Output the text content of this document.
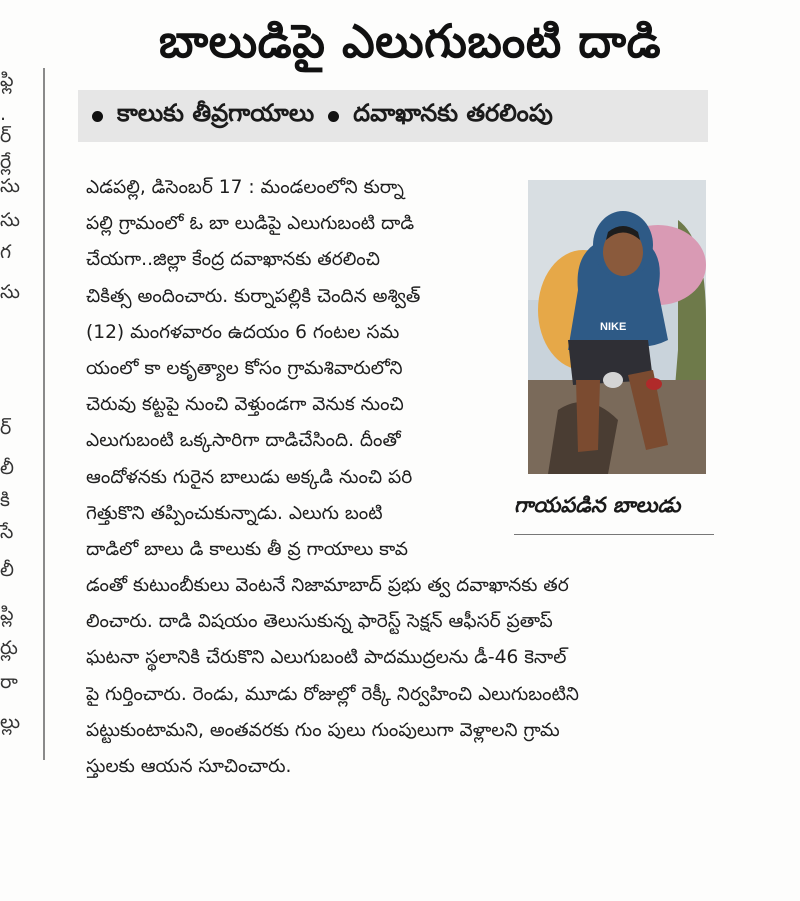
ఫ్లి
.
ర్
ర్లే
సు
సు
గ
సు
ర్
లీ
కి
సే
లీ
ప్లి
ర్లు
రా
ల్లు
బాలుడిపై ఎలుగుబంటి దాడి
కాలుకు తీవ్రగాయాలు దవాఖానకు తరలింపు
ఎడపల్లి, డిసెంబర్ 17 : మండలంలోని కుర్నా
పల్లి గ్రామంలో ఓ బా లుడిపై ఎలుగుబంటి దాడి
చేయగా..జిల్లా కేంద్ర దవాఖానకు తరలించి
చికిత్స అందించారు. కుర్నాపల్లికి చెందిన అశ్విత్
(12) మంగళవారం ఉదయం 6 గంటల సమ
యంలో కా లకృత్యాల కోసం గ్రామశివారులోని
చెరువు కట్టపై నుంచి వెళ్తుండగా వెనుక నుంచి
ఎలుగుబంటి ఒక్కసారిగా దాడిచేసింది. దీంతో
ఆందోళనకు గురైన బాలుడు అక్కడి నుంచి పరి
గెత్తుకొని తప్పించుకున్నాడు. ఎలుగు బంటి
దాడిలో బాలు డి కాలుకు తీ వ్ర గాయాలు కావ
డంతో కుటుంబీకులు వెంటనే నిజామాబాద్ ప్రభు త్వ దవాఖానకు తర
లించారు. దాడి విషయం తెలుసుకున్న ఫారెస్ట్ సెక్షన్ ఆఫీసర్ ప్రతాప్
ఘటనా స్థలానికి చేరుకొని ఎలుగుబంటి పాదముద్రలను డీ-46 కెనాల్
పై గుర్తించారు. రెండు, మూడు రోజుల్లో రెక్కీ నిర్వహించి ఎలుగుబంటిని
పట్టుకుంటామని, అంతవరకు గుం పులు గుంపులుగా వెళ్లాలని గ్రామ
స్తులకు ఆయన సూచించారు.
NIKE
గాయపడిన బాలుడు
